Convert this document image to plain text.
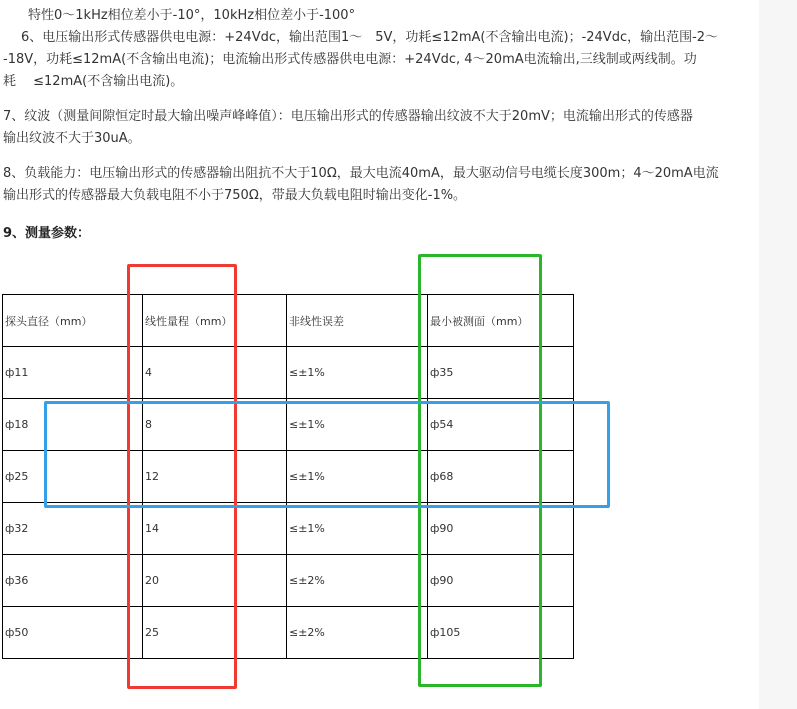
特性0～1kHz相位差小于-10°，10kHz相位差小于-100°
6、电压输出形式传感器供电电源：+24Vdc，输出范围1～　5V，功耗≤12mA(不含输出电流)；-24Vdc，输出范围-2～
-18V，功耗≤12mA(不含输出电流)；电流输出形式传感器供电电源：+24Vdc, 4～20mA电流输出,三线制或两线制。功
耗　 ≤12mA(不含输出电流)。
7、纹波（测量间隙恒定时最大输出噪声峰峰值）：电压输出形式的传感器输出纹波不大于20mV；电流输出形式的传感器
输出纹波不大于30uA。
8、负载能力：电压输出形式的传感器输出阻抗不大于10Ω，最大电流40mA，最大驱动信号电缆长度300m；4～20mA电流
输出形式的传感器最大负载电阻不小于750Ω，带最大负载电阻时输出变化-1%。
9、测量参数：
探头直径（mm）	线性量程（mm）	非线性误差	最小被测面（mm）
ф11	4	≤±1%	ф35
ф18	8	≤±1%	ф54
ф25	12	≤±1%	ф68
ф32	14	≤±1%	ф90
ф36	20	≤±2%	ф90
ф50	25	≤±2%	ф105
